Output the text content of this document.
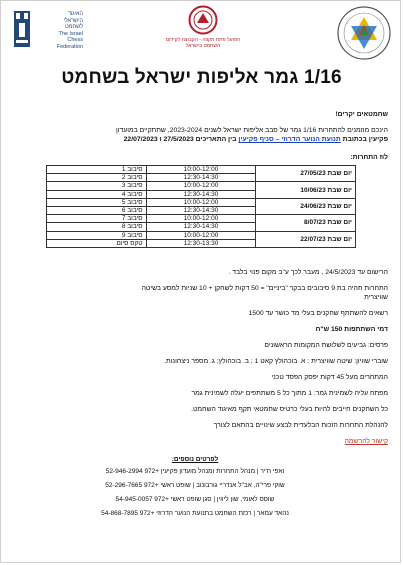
האיגוד
הישראלי
לשחמט
The Israel
Chess
Federation
הפועל פתח תקווה - הקבוצה לקידום השחמט בישראל
1/16 גמר אליפות ישראל בשחמט
שחמטאים יקרים!
הינכם מוזמנים להתחרות 1/16 גמר של סבב אליפות ישראל לשנים 2023-2024, שתתקיים במועדון
פקיעין בכתובת תנועת הנוער הדרוזי – סניף פקיעין בין התאריכים 27/5/2023 ו 22/07/2023
לוז התחרות:
סיבוב 1	10:00-12:00	יום שבת 27/05/23
סיבוב 2	12:30-14:30	
סיבוב 3	10:00-12:00	יום שבת 10/06/23
סיבוב 4	12:30-14:30	
סיבוב 5	10:00-12:00	יום שבת 24/06/23
סיבוב 6	12:30-14:30	
סיבוב 7	10:00-12:00	יום שבת 8/07/23
סיבוב 8	12:30-14:30	
סיבוב 9	10:00-12:00	יום שבת 22/07/23
טקס סיום	12:30-13:30	
הרישום עד 24/5/2023 , מעבר לכך ע"ב מקום פנוי בלבד .
התחרות תהיה בת 9 סיבובים בבקר "ביניים" = 50 דקות לשחקן + 10 שניות למסע בשיטה
שוויצרית
רשאים להשתתף שחקנים בעלי מד כושר עד 1500
דמי השתתפות 150 ש"ח
פרסים: גביעים לשלושת המקומות הראשונים
שוברי שוויון: שיטה שוויצרית : א. בוכהולץ קאט 1 ; ב. בוכהולץ; ג. מספר ניצחונות.
המתחרים מעל 45 דקות יפסק הפסד טכני
מפתח עליה לשמינית גמר: 1 מתוך כל 5 משתתפים יעלה לשמינית גמר
כל השחקנים חייבים להיות בעלי כרטיס שחמטאי תקף מאיגוד השחמט.
להנהלת התחרות הזכות הבלעדית לבצע שינויים בהתאם לצורך
קישור להרשמה
לפרטים נוספים:
ואפי ח'יר | מנהל התחרות ומנהל מועדון פקיעין +972 52-946-2994
שוקי פרי"ה, אב"ל אנדריי גורבונוב | שופט ראשי +972 52-296-7665
שוסס לאומי, שון ליווין | סגן שופט ראשי +972 54-945-0057
נהאד עמאר | רכזת השחמט בתנועת הנוער הדרוזי +972 54-868-7895
